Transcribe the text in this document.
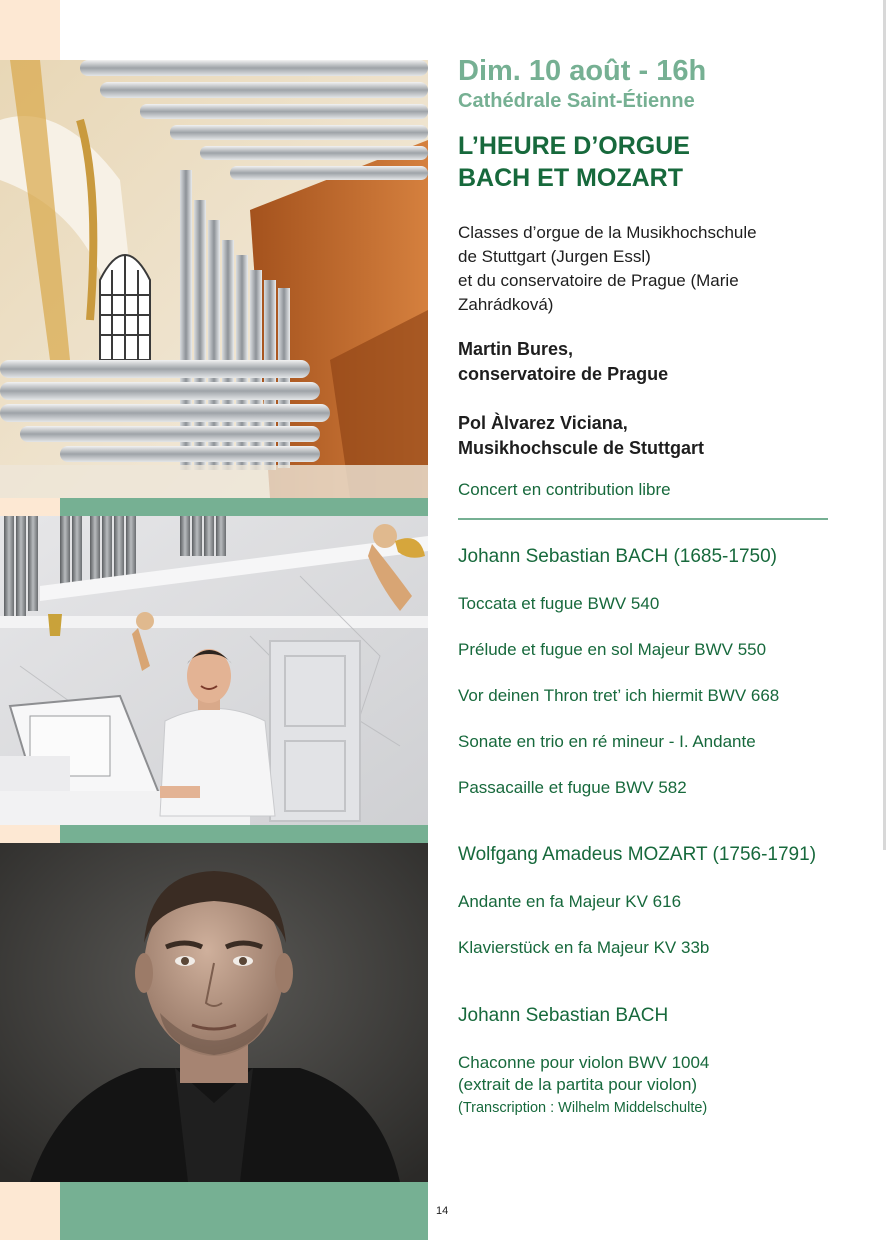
Dim. 10 août - 16h
Cathédrale Saint-Étienne
L’HEURE D’ORGUE
BACH ET MOZART
Classes d’orgue de la Musikhochschule
de Stuttgart (Jurgen Essl)
et du conservatoire de Prague (Marie
Zahrádková)
Martin Bures,
conservatoire de Prague
Pol Àlvarez Viciana,
Musikhochscule de Stuttgart
Concert en contribution libre
Johann Sebastian BACH (1685-1750)
Toccata et fugue BWV 540
Prélude et fugue en sol Majeur BWV 550
Vor deinen Thron tret’ ich hiermit BWV 668
Sonate en trio en ré mineur - I. Andante
Passacaille et fugue BWV 582
Wolfgang Amadeus MOZART (1756-1791)
Andante en fa Majeur KV 616
Klavierstück en fa Majeur KV 33b
Johann Sebastian BACH
Chaconne pour violon BWV 1004
(extrait de la partita pour violon)
(Transcription : Wilhelm Middelschulte)
14
